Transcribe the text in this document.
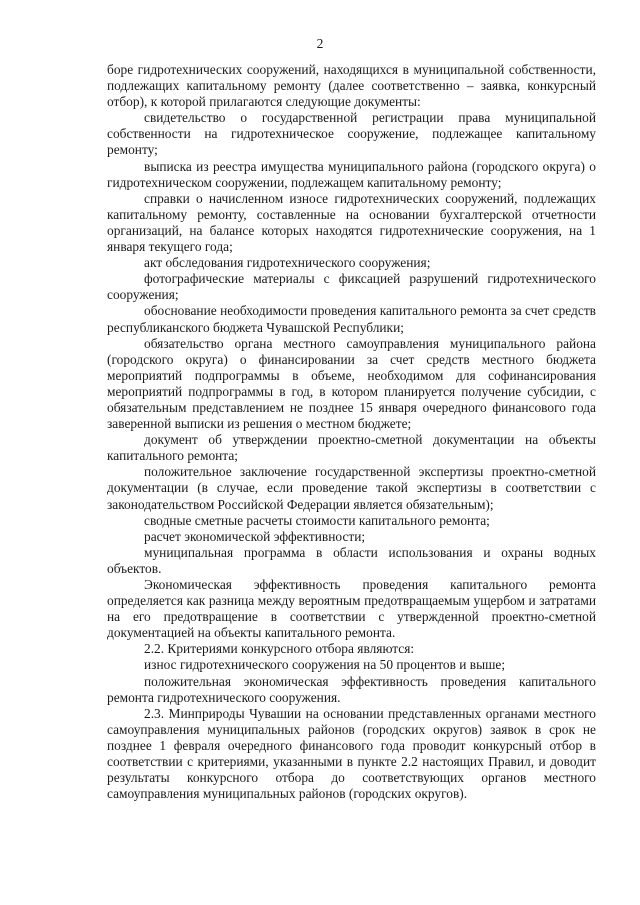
2

боре гидротехнических сооружений, находящихся в муниципальной собственности, подлежащих капитальному ремонту (далее соответственно – заявка, конкурсный отбор), к которой прилагаются следующие документы:

свидетельство о государственной регистрации права муниципальной собственности на гидротехническое сооружение, подлежащее капитальному ремонту;

выписка из реестра имущества муниципального района (городского округа) о гидротехническом сооружении, подлежащем капитальному ремонту;

справки о начисленном износе гидротехнических сооружений, подлежащих капитальному ремонту, составленные на основании бухгалтерской отчетности организаций, на балансе которых находятся гидротехнические сооружения, на 1 января текущего года;

акт обследования гидротехнического сооружения;

фотографические материалы с фиксацией разрушений гидротехнического сооружения;

обоснование необходимости проведения капитального ремонта за счет средств республиканского бюджета Чувашской Республики;

обязательство органа местного самоуправления муниципального района (городского округа) о финансировании за счет средств местного бюджета мероприятий подпрограммы в объеме, необходимом для софинансирования мероприятий подпрограммы в год, в котором планируется получение субсидии, с обязательным представлением не позднее 15 января очередного финансового года заверенной выписки из решения о местном бюджете;

документ об утверждении проектно-сметной документации на объекты капитального ремонта;

положительное заключение государственной экспертизы проектно-сметной документации (в случае, если проведение такой экспертизы в соответствии с законодательством Российской Федерации является обязательным);

сводные сметные расчеты стоимости капитального ремонта;

расчет экономической эффективности;

муниципальная программа в области использования и охраны водных объектов.

Экономическая эффективность проведения капитального ремонта определяется как разница между вероятным предотвращаемым ущербом и затратами на его предотвращение в соответствии с утвержденной проектно-сметной документацией на объекты капитального ремонта.

2.2. Критериями конкурсного отбора являются:

износ гидротехнического сооружения на 50 процентов и выше;

положительная экономическая эффективность проведения капитального ремонта гидротехнического сооружения.

2.3. Минприроды Чувашии на основании представленных органами местного самоуправления муниципальных районов (городских округов) заявок в срок не позднее 1 февраля очередного финансового года проводит конкурсный отбор в соответствии с критериями, указанными в пункте 2.2 настоящих Правил, и доводит результаты конкурсного отбора до соответствующих органов местного самоуправления муниципальных районов (городских округов).
